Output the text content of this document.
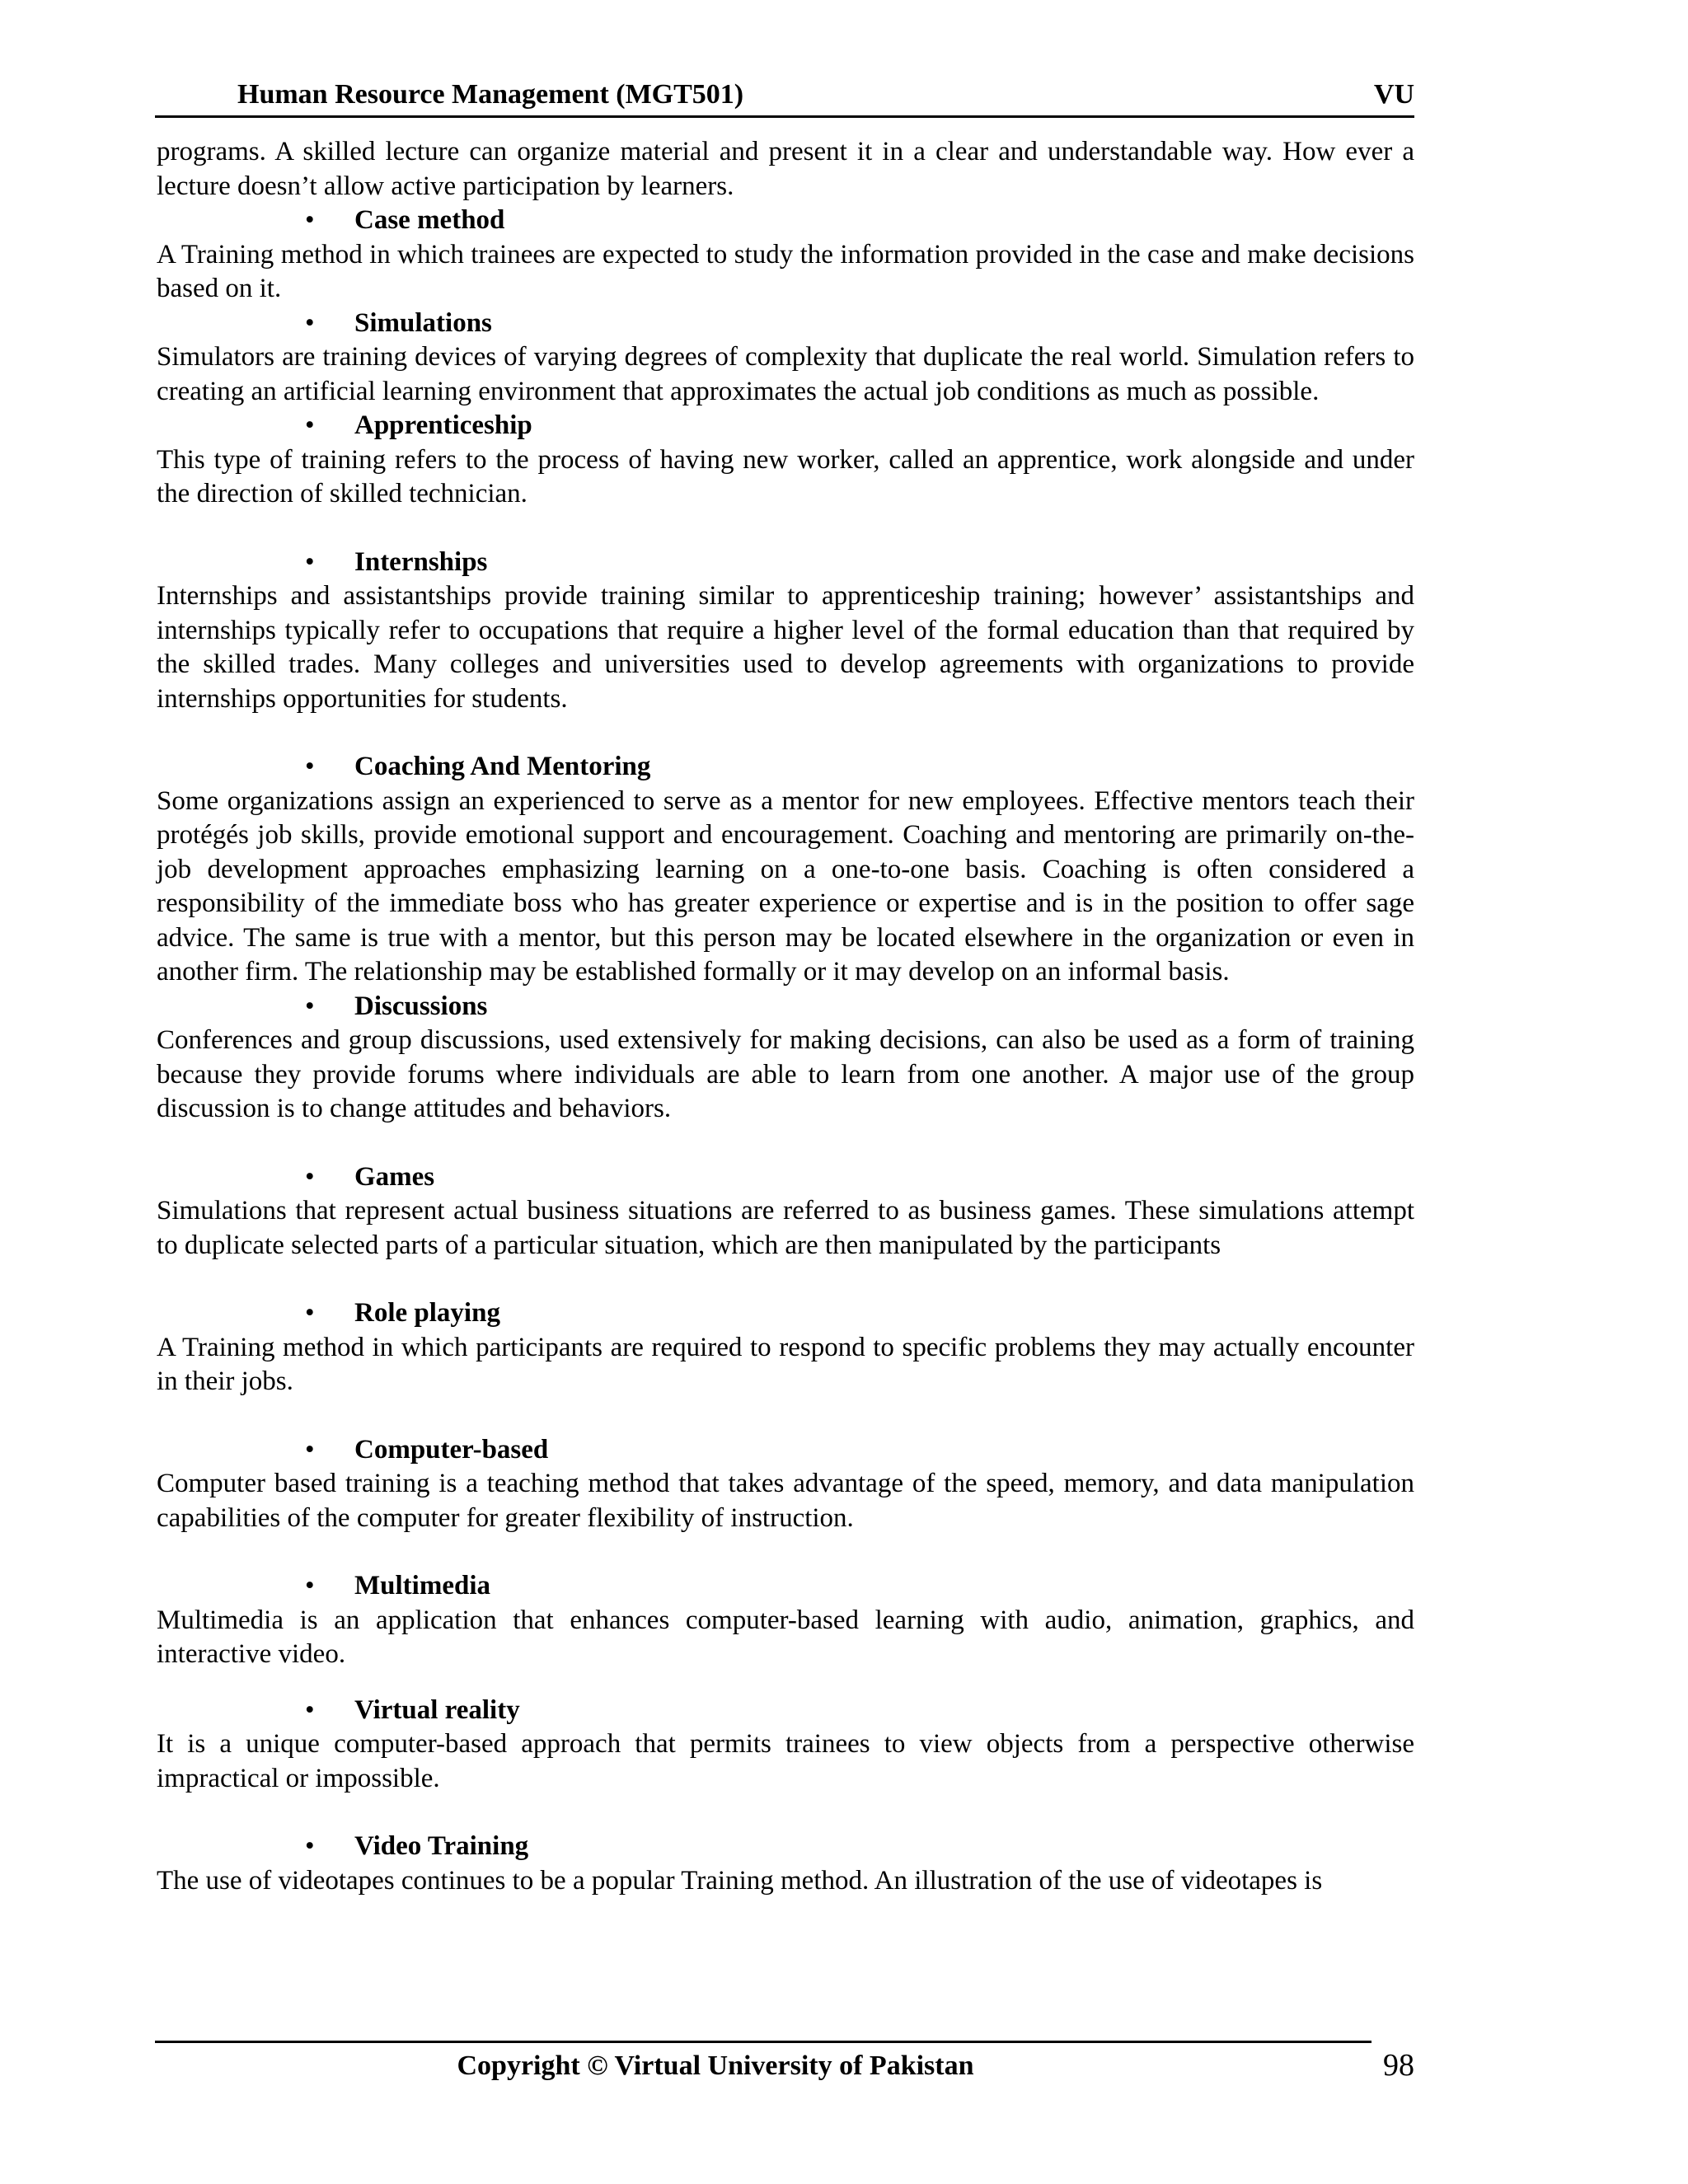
Human Resource Management (MGT501)	VU

programs. A skilled lecture can organize material and present it in a clear and understandable way. How ever a lecture doesn’t allow active participation by learners.

• Case method

A Training method in which trainees are expected to study the information provided in the case and make decisions based on it.

• Simulations

Simulators are training devices of varying degrees of complexity that duplicate the real world. Simulation refers to creating an artificial learning environment that approximates the actual job conditions as much as possible.

• Apprenticeship

This type of training refers to the process of having new worker, called an apprentice, work alongside and under the direction of skilled technician.

• Internships

Internships and assistantships provide training similar to apprenticeship training; however’ assistantships and internships typically refer to occupations that require a higher level of the formal education than that required by the skilled trades. Many colleges and universities used to develop agreements with organizations to provide internships opportunities for students.

• Coaching And Mentoring

Some organizations assign an experienced to serve as a mentor for new employees. Effective mentors teach their protégés job skills, provide emotional support and encouragement. Coaching and mentoring are primarily on-the-job development approaches emphasizing learning on a one-to-one basis. Coaching is often considered a responsibility of the immediate boss who has greater experience or expertise and is in the position to offer sage advice. The same is true with a mentor, but this person may be located elsewhere in the organization or even in another firm. The relationship may be established formally or it may develop on an informal basis.

• Discussions

Conferences and group discussions, used extensively for making decisions, can also be used as a form of training because they provide forums where individuals are able to learn from one another. A major use of the group discussion is to change attitudes and behaviors.

• Games

Simulations that represent actual business situations are referred to as business games. These simulations attempt to duplicate selected parts of a particular situation, which are then manipulated by the participants

• Role playing

A Training method in which participants are required to respond to specific problems they may actually encounter in their jobs.

• Computer-based

Computer based training is a teaching method that takes advantage of the speed, memory, and data manipulation capabilities of the computer for greater flexibility of instruction.

• Multimedia

Multimedia is an application that enhances computer-based learning with audio, animation, graphics, and interactive video.

• Virtual reality

It is a unique computer-based approach that permits trainees to view objects from a perspective otherwise impractical or impossible.

• Video Training

The use of videotapes continues to be a popular Training method. An illustration of the use of videotapes is

Copyright © Virtual University of Pakistan	98
